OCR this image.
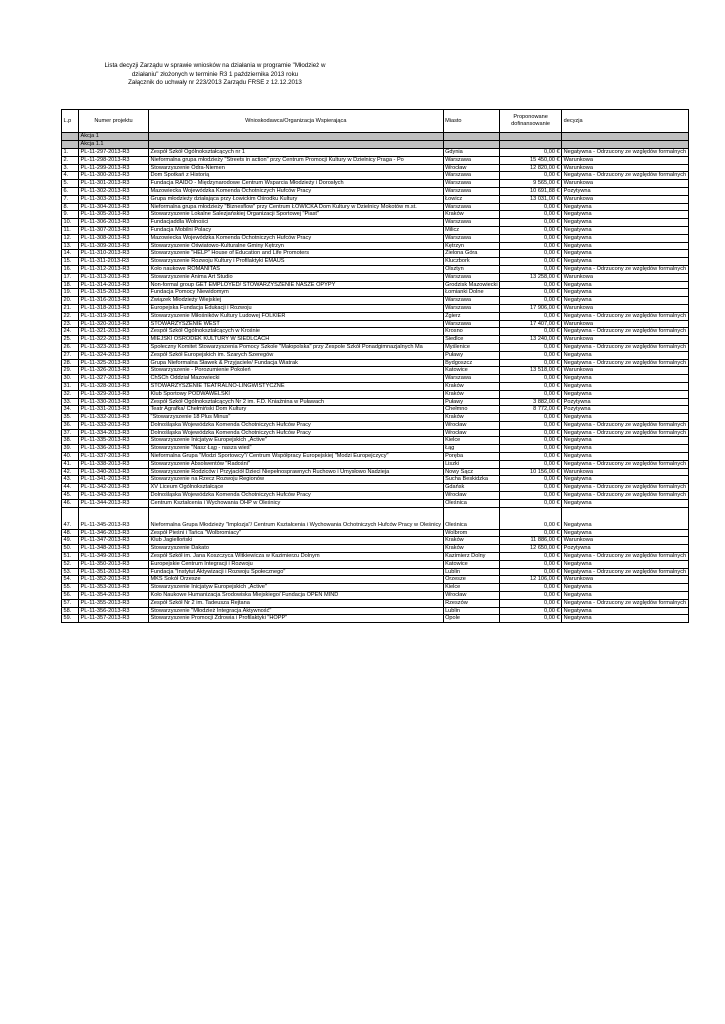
Lista decyzji Zarządu w sprawie wniosków na działania w programie "Młodzież w
działaniu" złożonych w terminie R3 1 października 2013 roku
Załącznik do uchwały nr 223/2013 Zarządu FRSE z 12.12.2013
L.p	Numer projektu	Wnioskodawca/Organizacja Wspierająca	Miasto	Proponowane
dofinansowanie	decyzja
	Akcja 1				
	Akcja 1.1				
1.	PL-11-297-2013-R3	Zespół Szkół Ogólnokształcących nr 1	Gdynia	0,00 €	Negatywna - Odrzucony ze względów formalnych
2.	PL-11-298-2013-R3	Nieformalna grupa młodzieży "Streets in action" przy Centrum Promocji Kultury w Dzielnicy Praga - Po	Warszawa	15 450,00 €	Warunkowa
3.	PL-11-299-2013-R3	Stowarzyszenie Odra-Niemen	Wrocław	12 820,00 €	Warunkowa
4.	PL-11-300-2013-R3	Dom Spotkań z Historią	Warszawa	0,00 €	Negatywna - Odrzucony ze względów formalnych
5.	PL-11-301-2013-R3	Fundacja RAIDO - Międzynarodowe Centrum Wsparcia Młodzieży i Dorosłych	Warszawa	9 565,00 €	Warunkowa
6.	PL-11-302-2013-R3	Mazowiecka Wojewódzka Komenda Ochotniczych Hufców Pracy	Warszawa	10 691,88 €	Pozytywna
7.	PL-11-303-2013-R3	Grupa młodzieży działająca przy Łowickim Ośrodku Kultury	Łowicz	13 031,00 €	Warunkowa
8.	PL-11-304-2013-R3	Nieformalna grupa młodzieży "Biznesflow" przy Centrum ŁOWICKA Dom Kultury w Dzielnicy Mokotów m.st.	Warszawa	0,00 €	Negatywna
9.	PL-11-305-2013-R3	Stowarzyszenie Lokalne Salezjańskiej Organizacji Sportowej "Piast"	Kraków	0,00 €	Negatywna
10.	PL-11-306-2013-R3	Fundacjaddla Wolności	Warszawa	0,00 €	Negatywna
11.	PL-11-307-2013-R3	Fundacja Mobilni Polacy	Milicz	0,00 €	Negatywna
12.	PL-11-308-2013-R3	Mazowiecka Wojewódzka Komenda Ochotniczych Hufców Pracy	Warszawa	0,00 €	Negatywna
13.	PL-11-309-2013-R3	Stowarzyszenie Oświatowo-Kulturalne Gminy Kętrzyn	Kętrzyn	0,00 €	Negatywna
14.	PL-11-310-2013-R3	Stowarzyszenie "HELP" House of Education and Life Promoters	Zielona Góra	0,00 €	Negatywna
15.	PL-11-311-2013-R3	Stowarzyszenie Rozwoju Kultury i Profilaktyki EMAUS	Kluczbork	0,00 €	Negatywna
16.	PL-11-312-2013-R3	Koło naukowe ROMANITAS	Olsztyn	0,00 €	Negatywna - Odrzucony ze względów formalnych
17.	PL-11-313-2013-R3	Stowarzyszenie Anima Art Studio	Warszawa	13 258,00 €	Warunkowa
18.	PL-11-314-2013-R3	Non-formal group GET EMPLOYED/ STOWARZYSZENIE NASZE OPYPY	Grodzisk Mazowiecki	0,00 €	Negatywna
19.	PL-11-315-2013-R3	Fundacja Pomocy Niewidomym	Łomianki Dolne	0,00 €	Negatywna
20.	PL-11-316-2013-R3	Związek Młodzieży Wiejskiej	Warszawa	0,00 €	Negatywna
21.	PL-11-318-2013-R3	Europejska Fundacja Edukacji i Rozwoju	Warszawa	17 906,00 €	Warunkowa
22.	PL-11-319-2013-R3	Stowarzyszenie Miłośników Kultury Ludowej FOLKIER	Zgierz	0,00 €	Negatywna - Odrzucony ze względów formalnych
23.	PL-11-320-2013-R3	STOWARZYSZENIE WEST	Warszawa	17 407,00 €	Warunkowa
24.	PL-11-321-2013-R3	Zespół Szkół Ogólnokształcących w Krośnie	Krosno	0,00 €	Negatywna - Odrzucony ze względów formalnych
25.	PL-11-322-2013-R3	MIEJSKI OŚRODEK KULTURY W SIEDLCACH	Siedlce	13 240,00 €	Warunkowa
26.	PL-11-323-2013-R3	Społeczny Komitet Stowarzyszenia Pomocy Szkole "Małopolska" przy Zespole Szkół Ponadgimnazjalnych Ma	Myślenice	0,00 €	Negatywna - Odrzucony ze względów formalnych
27.	PL-11-324-2013-R3	Zespół Szkół Europejskich im. Szarych Szeregów	Puławy	0,00 €	Negatywna
28.	PL-11-325-2013-R3	Grupa Nieformalna Sławek & Przyjaciele/ Fundacja Wiatrak	Bydgoszcz	0,00 €	Negatywna - Odrzucony ze względów formalnych
29.	PL-11-326-2013-R3	Stowarzyszenie - Porozumienie Pokoleń	Katowice	13 518,00 €	Warunkowa
30.	PL-11-327-2013-R3	ChSCh Oddział Mazowiecki	Warszawa	0,00 €	Negatywna
31.	PL-11-328-2013-R3	STOWARZYSZENIE TEATRALNO-LINGWISTYCZNE	Kraków	0,00 €	Negatywna
32.	PL-11-329-2013-R3	Klub Sportowy PODWAWELSKI	Kraków	0,00 €	Negatywna
33.	PL-11-330-2013-R3	Zespół Szkół Ogólnokształcących Nr 2 im. F.D. Kniaźnina w Puławach	Puławy	3 882,00 €	Pozytywna
34.	PL-11-331-2013-R3	Teatr Agrafka/ Chełmiński Dom Kultury	Chełmno	8 772,00 €	Pozytywna
35.	PL-11-332-2013-R3	"Stowarzyszenie 18 Plus Minus"	Kraków	0,00 €	Negatywna
36.	PL-11-333-2013-R3	Dolnośląska Wojewódzka Komenda Ochotniczych Hufców Pracy	Wrocław	0,00 €	Negatywna - Odrzucony ze względów formalnych
37.	PL-11-334-2013-R3	Dolnośląska Wojewódzka Komenda Ochotniczych Hufców Pracy	Wrocław	0,00 €	Negatywna - Odrzucony ze względów formalnych
38.	PL-11-335-2013-R3	Stowarzyszenie Inicjatyw Europejskich „Active"	Kielce	0,00 €	Negatywna
39.	PL-11-336-2013-R3	Stowarzyszenie "Nasz Łąg - nasza wieś"	Łąg	0,00 €	Negatywna
40.	PL-11-337-2013-R3	Nieformalna Grupa "Modzi Sportowcy"/ Centrum Współpracy Europejskiej "Modzi Europejczycy"	Poręba	0,00 €	Negatywna
41.	PL-11-338-2013-R3	Stowarzyszenie Absolwentów "Radośni"	Liszki	0,00 €	Negatywna - Odrzucony ze względów formalnych
42.	PL-11-340-2013-R3	Stowarzyszenie Rodziców i Przyjaciół Dzieci Niepełnosprawnych Ruchowo i Umysłowo Nadzieja	Nowy Sącz	10 156,00 €	Warunkowa
43.	PL-11-341-2013-R3	Stowarzyszenie na Rzecz Rozwoju Regionów	Sucha Beskidzka	0,00 €	Negatywna
44.	PL-11-342-2013-R3	XV Liceum Ogólnokształcące	Gdańsk	0,00 €	Negatywna - Odrzucony ze względów formalnych
45.	PL-11-343-2013-R3	Dolnośląska Wojewódzka Komenda Ochotniczych Hufców Pracy	Wrocław	0,00 €	Negatywna - Odrzucony ze względów formalnych
46.	PL-11-344-2013-R3	Centrum Kształcenia i Wychowania OHP w Oleśnicy	Oleśnica	0,00 €	Negatywna
47.	PL-11-345-2013-R3	Nieformalna Grupa Młodzieży "Implozja"/ Centrum Kształcenia i Wychowania Ochotniczych Hufców Pracy w Oleśnicy	Oleśnica	0,00 €	Negatywna
48.	PL-11-346-2013-R3	Zespół Pieśni i Tańca "Wolbromiacy"	Wolbrom	0,00 €	Negatywna
49.	PL-11-347-2013-R3	Klub Jagielloński	Kraków	11 886,00 €	Warunkowa
50.	PL-11-348-2013-R3	Stowarzyszenie Dakato	Kraków	12 650,00 €	Pozytywna
51.	PL-11-349-2013-R3	Zespół Szkół im. Jana Koszczyca Witkiewicza w Kazimierzu Dolnym	Kazimierz Dolny	0,00 €	Negatywna - Odrzucony ze względów formalnych
52.	PL-11-350-2013-R3	Europejskie Centrum Integracji i Rozwoju	Katowice	0,00 €	Negatywna
53.	PL-11-351-2013-R3	Fundacja "Instytut Aktywizacji i Rozwoju Społecznego"	Lublin	0,00 €	Negatywna - Odrzucony ze względów formalnych
54.	PL-11-352-2013-R3	MKS Sokół Orzesze	Orzesze	12 106,00 €	Warunkowa
55.	PL-11-353-2013-R3	Stowarzyszenie Inicjatyw Europejskich „Active"	Kielce	0,00 €	Negatywna
56.	PL-11-354-2013-R3	Koło Naukowe Humanizacja Środowiska Miejskiego/ Fundacja OPEN MIND	Wrocław	0,00 €	Negatywna
57.	PL-11-355-2013-R3	Zespół Szkół Nr 2 im. Tadeusza Rejtana	Rzeszów	0,00 €	Negatywna - Odrzucony ze względów formalnych
58.	PL-11-356-2013-R3	Stowarzyszenie "Młodzież Integracja Aktywność"	Lublin	0,00 €	Negatywna
59.	PL-11-357-2013-R3	Stowarzyszenie Promocji Zdrowia i Profilaktyki "HOPP"	Opole	0,00 €	Negatywna
